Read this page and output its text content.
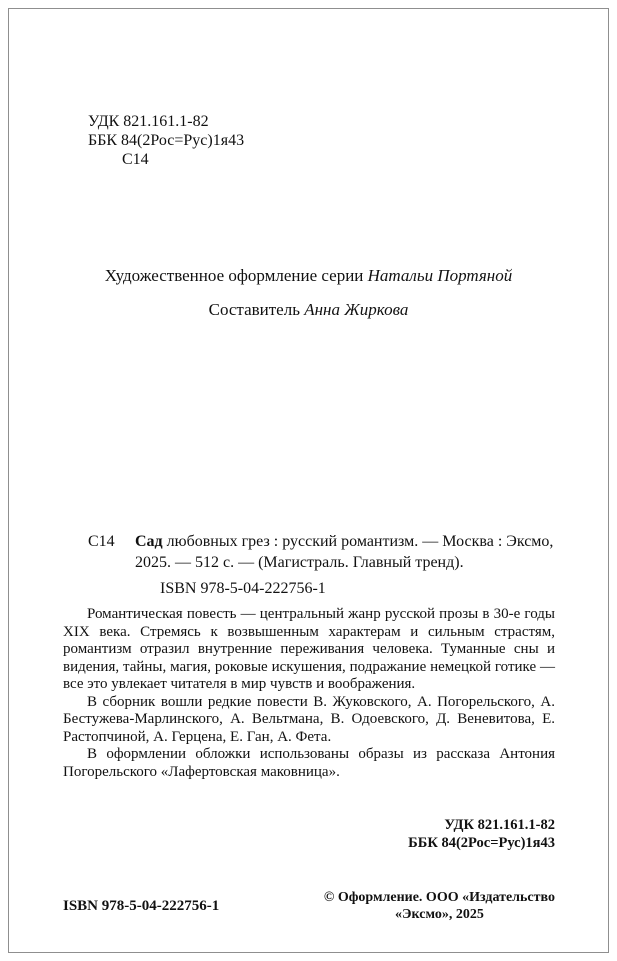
УДК 821.161.1-82
ББК 84(2Рос=Рус)1я43
С14
Художественное оформление серии Натальи Портяной
Составитель Анна Жиркова
С14	Сад любовных грез : русский романтизм. — Москва : Эксмо, 2025. — 512 с. — (Магистраль. Главный тренд).
ISBN 978-5-04-222756-1

Романтическая повесть — центральный жанр русской прозы в 30-е годы XIX века. Стремясь к возвышенным характерам и сильным страстям, романтизм отразил внутренние переживания человека. Туманные сны и видения, тайны, магия, роковые искушения, подражание немецкой готике — все это увлекает читателя в мир чувств и воображения.

В сборник вошли редкие повести В. Жуковского, А. Погорельского, А. Бестужева-Марлинского, А. Вельтмана, В. Одоевского, Д. Веневитова, Е. Растопчиной, А. Герцена, Е. Ган, А. Фета.

В оформлении обложки использованы образы из рассказа Антония Погорельского «Лафертовская маковница».

УДК 821.161.1-82
ББК 84(2Рос=Рус)1я43
ISBN 978-5-04-222756-1
© Оформление. ООО «Издательство
«Эксмо», 2025
